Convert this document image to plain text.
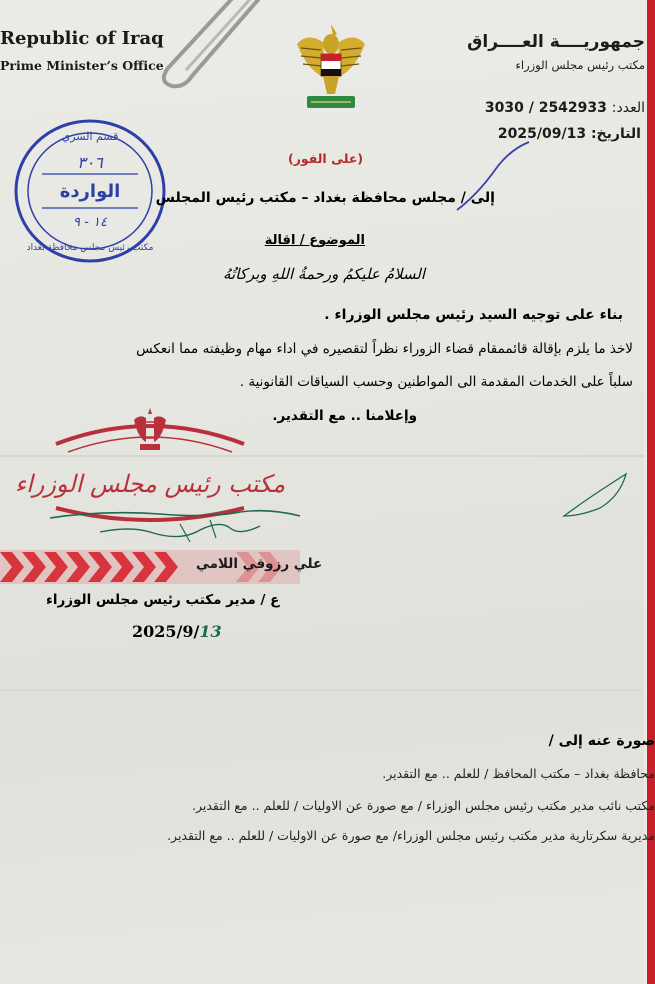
Republic of Iraq
Prime Minister’s Office
جمهوريــــة العــــراق
مكتب رئيس مجلس الوزراء
العدد: 2542933 / 3030
التاريخ: 2025/09/13
قسم السري
٣٠٦
الواردة
١٤ - ٩
مكتب رئيس مجلس محافظة بغداد
(على الفور)
إلى / مجلس محافظة بغداد – مكتب رئيس المجلس
الموضوع / اقالة
السلامُ عليكمُ ورحمةُ اللهِ وبركاتُهُ
بناء على توجيه السيد رئيس مجلس الوزراء .
لاخذ ما يلزم بإقالة قائممقام قضاء الزوراء نظراً لتقصيره في اداء مهام وظيفته مما انعكس
سلباً على الخدمات المقدمة الى المواطنين وحسب السياقات القانونية .
وإعلامنا .. مع التقدير.
مكتب رئيس مجلس الوزراء
علي رزوقي اللامي
ع / مدير مكتب رئيس مجلس الوزراء
2025/9/13
صورة عنه إلى /
محافظة بغداد – مكتب المحافظ / للعلم .. مع التقدير.
مكتب نائب مدير مكتب رئيس مجلس الوزراء / مع صورة عن الاوليات / للعلم .. مع التقدير.
مديرية سكرتارية مدير مكتب رئيس مجلس الوزراء/ مع صورة عن الاوليات / للعلم .. مع التقدير.
